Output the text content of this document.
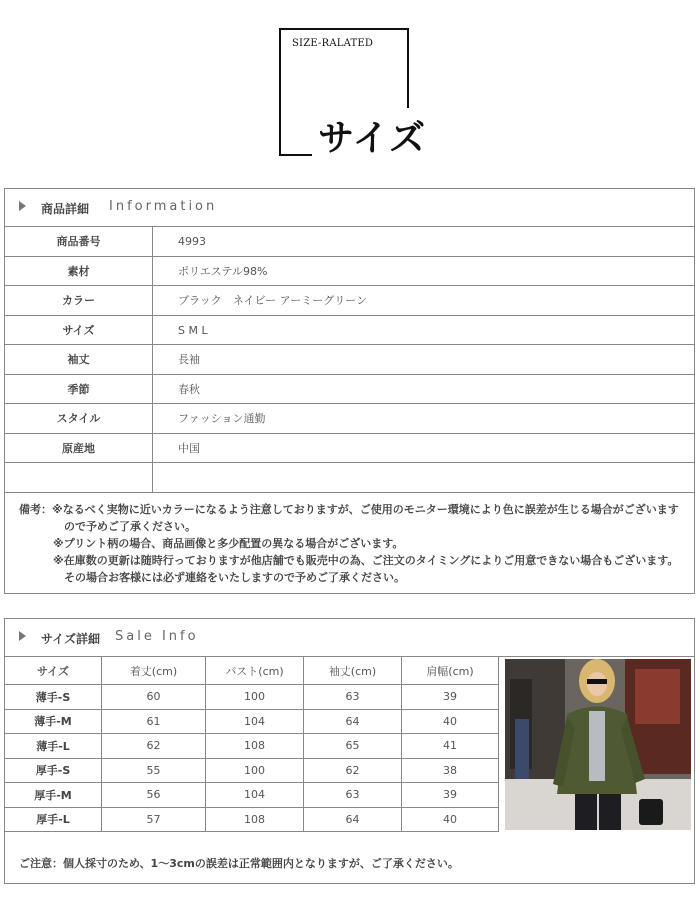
SIZE-RALATED
サイズ
商品詳細 Information
商品番号	4993
素材	ポリエステル98%
カラー	ブラック　ネイビー アーミーグリーン
サイズ	S M L
袖丈	長袖
季節	春秋
スタイル	ファッション通勤
原産地	中国
備考：※なるべく実物に近いカラーになるよう注意しておりますが、ご使用のモニター環境により色に誤差が生じる場合がございます
ので予めご了承ください。
※プリント柄の場合、商品画像と多少配置の異なる場合がございます。
※在庫数の更新は随時行っておりますが他店舗でも販売中の為、ご注文のタイミングによりご用意できない場合もございます。
その場合お客様には必ず連絡をいたしますので予めご了承ください。
サイズ詳細 Sale Info
サイズ	着丈(cm)	バスト(cm)	袖丈(cm)	肩幅(cm)
薄手-S	60	100	63	39
薄手-M	61	104	64	40
薄手-L	62	108	65	41
厚手-S	55	100	62	38
厚手-M	56	104	63	39
厚手-L	57	108	64	40
ご注意：個人採寸のため、1～3cmの誤差は正常範囲内となりますが、ご了承ください。
